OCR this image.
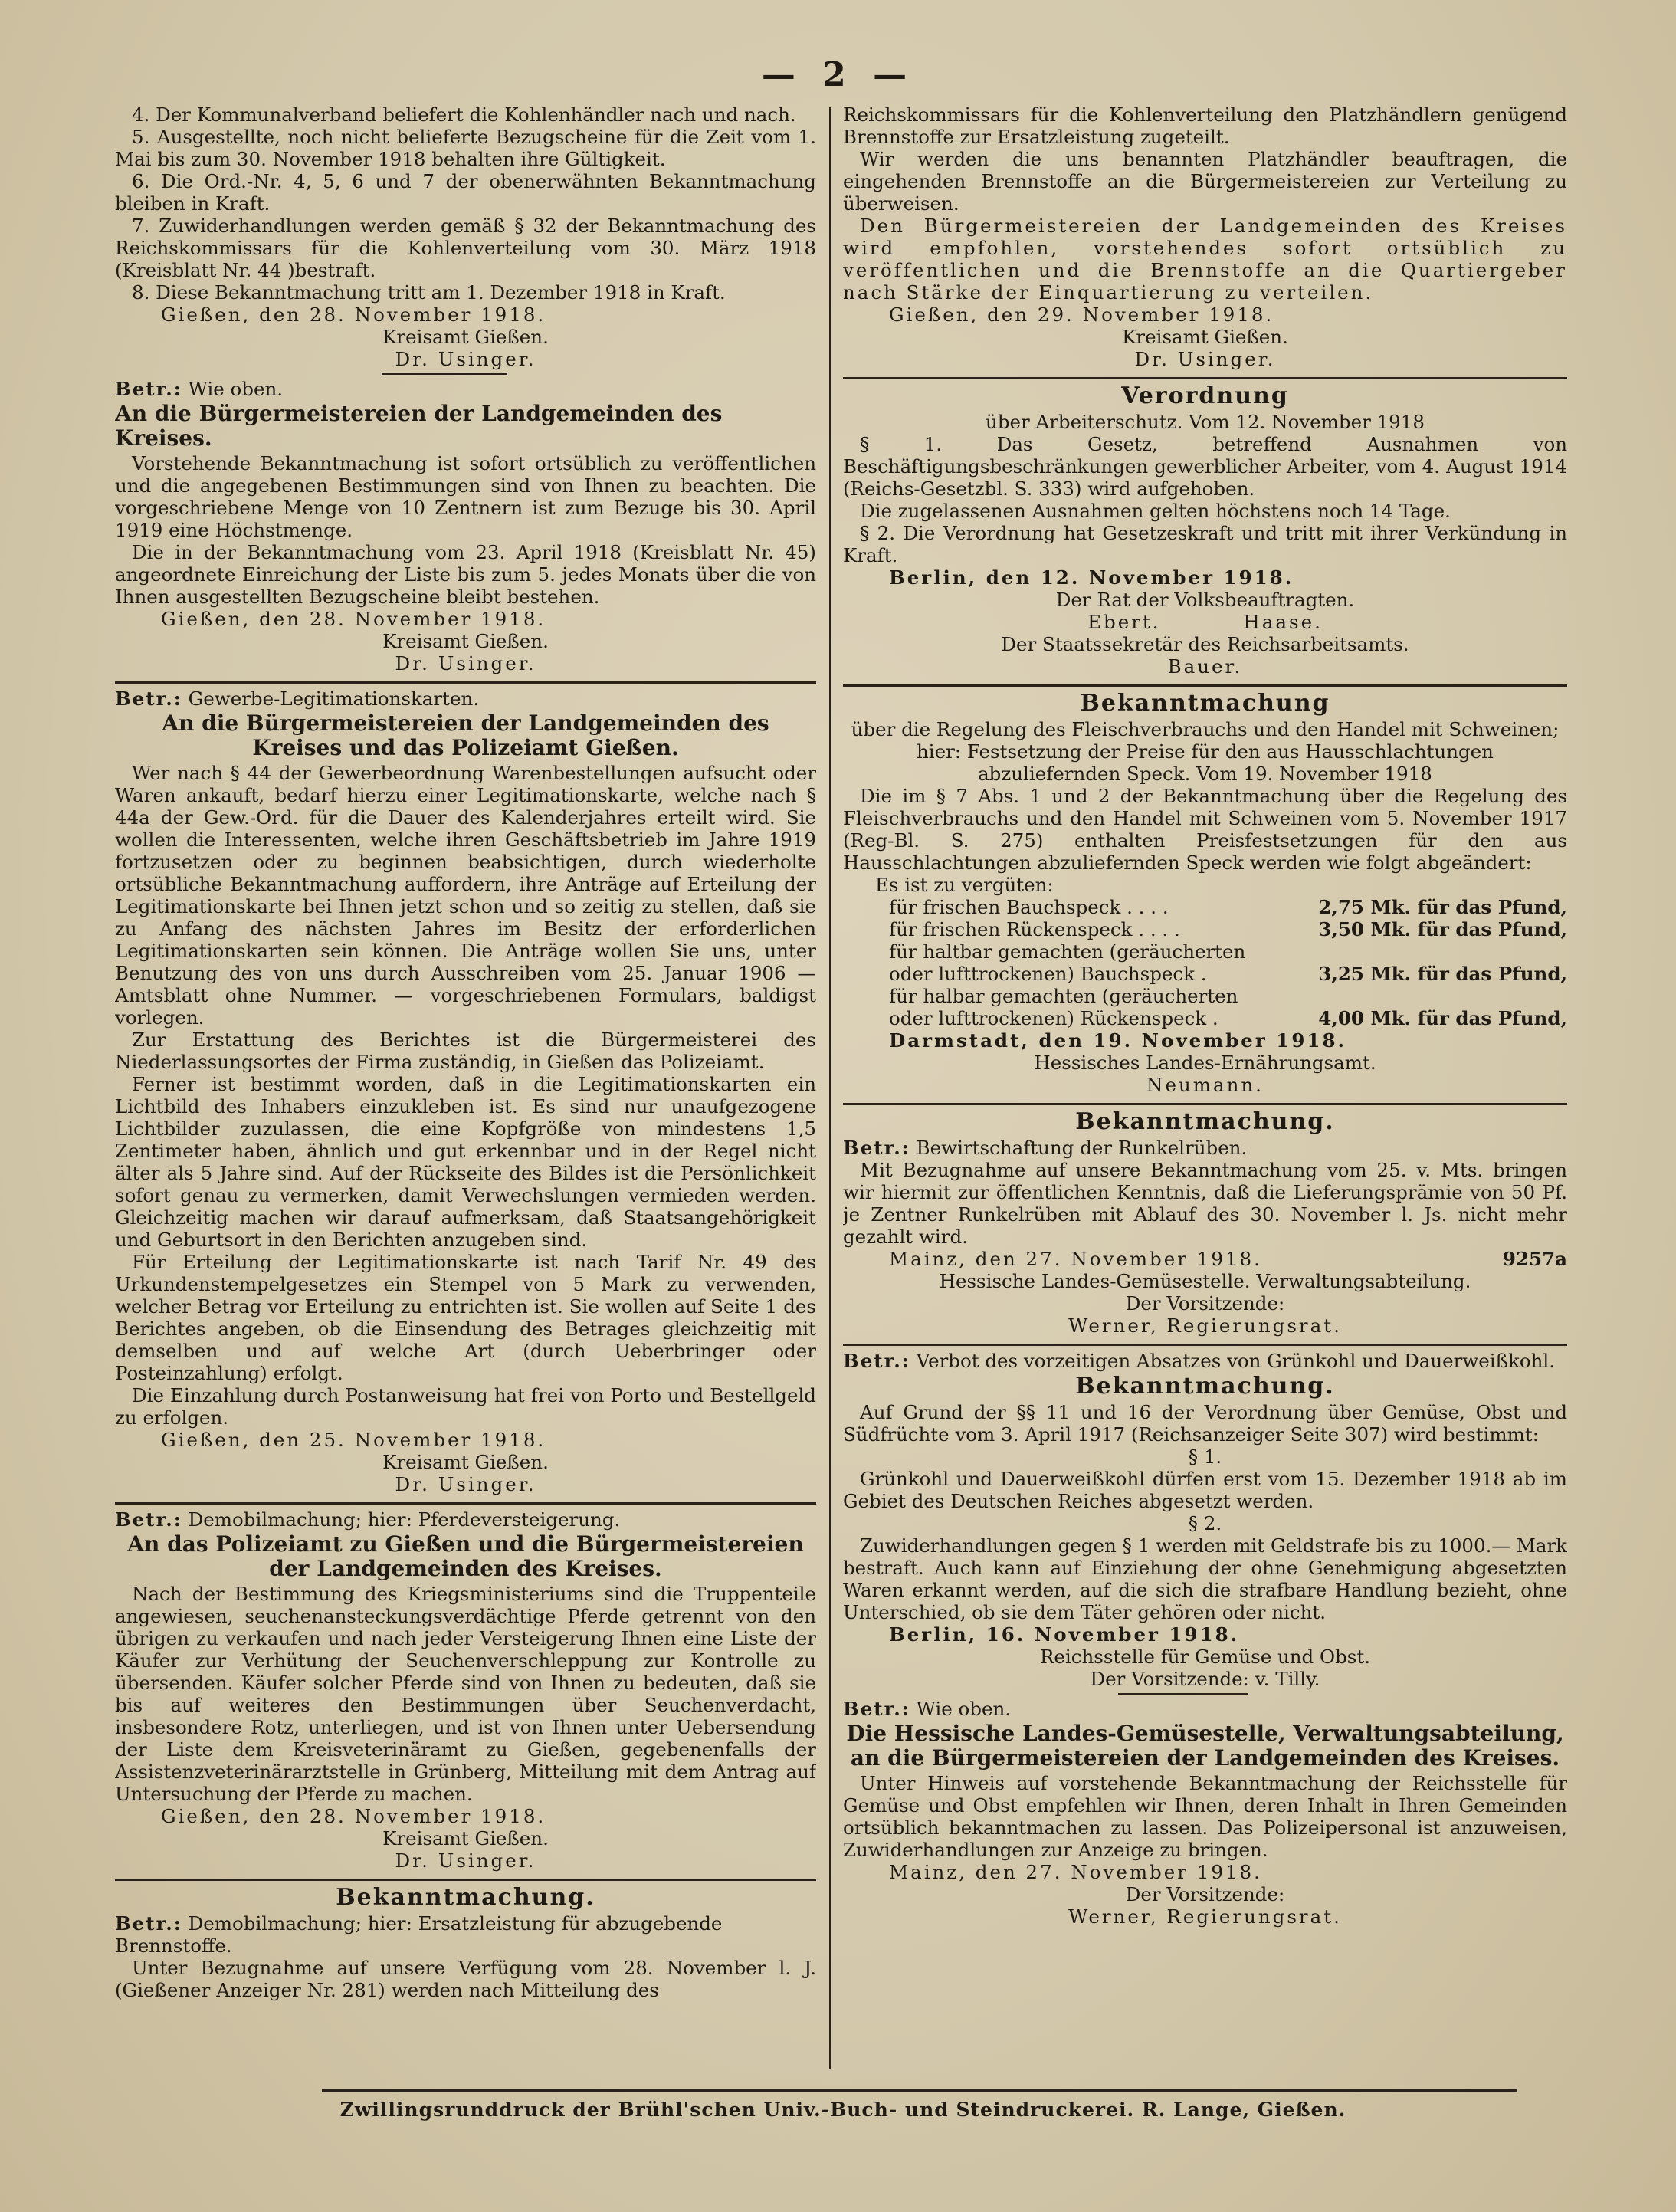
— 2 —

4. Der Kommunalverband beliefert die Kohlenhändler nach und nach.

5. Ausgestellte, noch nicht belieferte Bezugscheine für die Zeit vom 1. Mai bis zum 30. November 1918 behalten ihre Gültigkeit.

6. Die Ord.-Nr. 4, 5, 6 und 7 der obenerwähnten Bekanntmachung bleiben in Kraft.

7. Zuwiderhandlungen werden gemäß § 32 der Bekanntmachung des Reichskommissars für die Kohlenverteilung vom 30. März 1918 (Kreisblatt Nr. 44 )bestraft.

8. Diese Bekanntmachung tritt am 1. Dezember 1918 in Kraft.

Gießen, den 28. November 1918.

Kreisamt Gießen.

Dr. Usinger.

Betr.: Wie oben.

An die Bürgermeistereien der Landgemeinden des Kreises.

Vorstehende Bekanntmachung ist sofort ortsüblich zu veröffentlichen und die angegebenen Bestimmungen sind von Ihnen zu beachten. Die vorgeschriebene Menge von 10 Zentnern ist zum Bezuge bis 30. April 1919 eine Höchstmenge.

Die in der Bekanntmachung vom 23. April 1918 (Kreisblatt Nr. 45) angeordnete Einreichung der Liste bis zum 5. jedes Monats über die von Ihnen ausgestellten Bezugscheine bleibt bestehen.

Gießen, den 28. November 1918.

Kreisamt Gießen.

Dr. Usinger.

Betr.: Gewerbe-Legitimationskarten.

An die Bürgermeistereien der Landgemeinden des Kreises und das Polizeiamt Gießen.

Wer nach § 44 der Gewerbeordnung Warenbestellungen aufsucht oder Waren ankauft, bedarf hierzu einer Legitimationskarte, welche nach § 44a der Gew.-Ord. für die Dauer des Kalenderjahres erteilt wird. Sie wollen die Interessenten, welche ihren Geschäftsbetrieb im Jahre 1919 fortzusetzen oder zu beginnen beabsichtigen, durch wiederholte ortsübliche Bekanntmachung auffordern, ihre Anträge auf Erteilung der Legitimationskarte bei Ihnen jetzt schon und so zeitig zu stellen, daß sie zu Anfang des nächsten Jahres im Besitz der erforderlichen Legitimationskarten sein können. Die Anträge wollen Sie uns, unter Benutzung des von uns durch Ausschreiben vom 25. Januar 1906 — Amtsblatt ohne Nummer. — vorgeschriebenen Formulars, baldigst vorlegen.

Zur Erstattung des Berichtes ist die Bürgermeisterei des Niederlassungsortes der Firma zuständig, in Gießen das Polizeiamt.

Ferner ist bestimmt worden, daß in die Legitimationskarten ein Lichtbild des Inhabers einzukleben ist. Es sind nur unaufgezogene Lichtbilder zuzulassen, die eine Kopfgröße von mindestens 1,5 Zentimeter haben, ähnlich und gut erkennbar und in der Regel nicht älter als 5 Jahre sind. Auf der Rückseite des Bildes ist die Persönlichkeit sofort genau zu vermerken, damit Verwechslungen vermieden werden. Gleichzeitig machen wir darauf aufmerksam, daß Staatsangehörigkeit und Geburtsort in den Berichten anzugeben sind.

Für Erteilung der Legitimationskarte ist nach Tarif Nr. 49 des Urkundenstempelgesetzes ein Stempel von 5 Mark zu verwenden, welcher Betrag vor Erteilung zu entrichten ist. Sie wollen auf Seite 1 des Berichtes angeben, ob die Einsendung des Betrages gleichzeitig mit demselben und auf welche Art (durch Ueberbringer oder Posteinzahlung) erfolgt.

Die Einzahlung durch Postanweisung hat frei von Porto und Bestellgeld zu erfolgen.

Gießen, den 25. November 1918.

Kreisamt Gießen.

Dr. Usinger.

Betr.: Demobilmachung; hier: Pferdeversteigerung.

An das Polizeiamt zu Gießen und die Bürgermeistereien der Landgemeinden des Kreises.

Nach der Bestimmung des Kriegsministeriums sind die Truppenteile angewiesen, seuchenansteckungsverdächtige Pferde getrennt von den übrigen zu verkaufen und nach jeder Versteigerung Ihnen eine Liste der Käufer zur Verhütung der Seuchenverschleppung zur Kontrolle zu übersenden. Käufer solcher Pferde sind von Ihnen zu bedeuten, daß sie bis auf weiteres den Bestimmungen über Seuchenverdacht, insbesondere Rotz, unterliegen, und ist von Ihnen unter Uebersendung der Liste dem Kreisveterinäramt zu Gießen, gegebenenfalls der Assistenzveterinärarztstelle in Grünberg, Mitteilung mit dem Antrag auf Untersuchung der Pferde zu machen.

Gießen, den 28. November 1918.

Kreisamt Gießen.

Dr. Usinger.

Bekanntmachung.

Betr.: Demobilmachung; hier: Ersatzleistung für abzugebende Brennstoffe.

Unter Bezugnahme auf unsere Verfügung vom 28. November l. J. (Gießener Anzeiger Nr. 281) werden nach Mitteilung des

Reichskommissars für die Kohlenverteilung den Platzhändlern genügend Brennstoffe zur Ersatzleistung zugeteilt.

Wir werden die uns benannten Platzhändler beauftragen, die eingehenden Brennstoffe an die Bürgermeistereien zur Verteilung zu überweisen.

Den Bürgermeistereien der Landgemeinden des Kreises wird empfohlen, vorstehendes sofort ortsüblich zu veröffentlichen und die Brennstoffe an die Quartiergeber nach Stärke der Einquartierung zu verteilen.

Gießen, den 29. November 1918.

Kreisamt Gießen.

Dr. Usinger.

Verordnung

über Arbeiterschutz. Vom 12. November 1918

§ 1. Das Gesetz, betreffend Ausnahmen von Beschäftigungsbeschränkungen gewerblicher Arbeiter, vom 4. August 1914 (Reichs-Gesetzbl. S. 333) wird aufgehoben.

Die zugelassenen Ausnahmen gelten höchstens noch 14 Tage.

§ 2. Die Verordnung hat Gesetzeskraft und tritt mit ihrer Verkündung in Kraft.

Berlin, den 12. November 1918.

Der Rat der Volksbeauftragten.

Ebert.          Haase.

Der Staatssekretär des Reichsarbeitsamts.

Bauer.

Bekanntmachung

über die Regelung des Fleischverbrauchs und den Handel mit Schweinen; hier: Festsetzung der Preise für den aus Hausschlachtungen abzuliefernden Speck. Vom 19. November 1918

Die im § 7 Abs. 1 und 2 der Bekanntmachung über die Regelung des Fleischverbrauchs und den Handel mit Schweinen vom 5. November 1917 (Reg-Bl. S. 275) enthalten Preisfestsetzungen für den aus Hausschlachtungen abzuliefernden Speck werden wie folgt abgeändert:

Es ist zu vergüten:

für frischen Bauchspeck . . . .	2,75 Mk. für das Pfund,
für frischen Rückenspeck . . . .	3,50 Mk. für das Pfund,
für haltbar gemachten (geräucherten oder lufttrockenen) Bauchspeck .	3,25 Mk. für das Pfund,
für halbar gemachten (geräucherten oder lufttrockenen) Rückenspeck .	4,00 Mk. für das Pfund,

Darmstadt, den 19. November 1918.

Hessisches Landes-Ernährungsamt.

Neumann.

Bekanntmachung.

Betr.: Bewirtschaftung der Runkelrüben.

Mit Bezugnahme auf unsere Bekanntmachung vom 25. v. Mts. bringen wir hiermit zur öffentlichen Kenntnis, daß die Lieferungsprämie von 50 Pf. je Zentner Runkelrüben mit Ablauf des 30. November l. Js. nicht mehr gezahlt wird.

Mainz, den 27. November 1918.	9257a

Hessische Landes-Gemüsestelle. Verwaltungsabteilung.

Der Vorsitzende:

Werner, Regierungsrat.

Betr.: Verbot des vorzeitigen Absatzes von Grünkohl und Dauerweißkohl.

Bekanntmachung.

Auf Grund der §§ 11 und 16 der Verordnung über Gemüse, Obst und Südfrüchte vom 3. April 1917 (Reichsanzeiger Seite 307) wird bestimmt:

§ 1.

Grünkohl und Dauerweißkohl dürfen erst vom 15. Dezember 1918 ab im Gebiet des Deutschen Reiches abgesetzt werden.

§ 2.

Zuwiderhandlungen gegen § 1 werden mit Geldstrafe bis zu 1000.— Mark bestraft. Auch kann auf Einziehung der ohne Genehmigung abgesetzten Waren erkannt werden, auf die sich die strafbare Handlung bezieht, ohne Unterschied, ob sie dem Täter gehören oder nicht.

Berlin, 16. November 1918.

Reichsstelle für Gemüse und Obst.

Der Vorsitzende: v. Tilly.

Betr.: Wie oben.

Die Hessische Landes-Gemüsestelle, Verwaltungsabteilung, an die Bürgermeistereien der Landgemeinden des Kreises.

Unter Hinweis auf vorstehende Bekanntmachung der Reichsstelle für Gemüse und Obst empfehlen wir Ihnen, deren Inhalt in Ihren Gemeinden ortsüblich bekanntmachen zu lassen. Das Polizeipersonal ist anzuweisen, Zuwiderhandlungen zur Anzeige zu bringen.

Mainz, den 27. November 1918.

Der Vorsitzende:

Werner, Regierungsrat.

Zwillingsrunddruck der Brühl'schen Univ.-Buch- und Steindruckerei. R. Lange, Gießen.
